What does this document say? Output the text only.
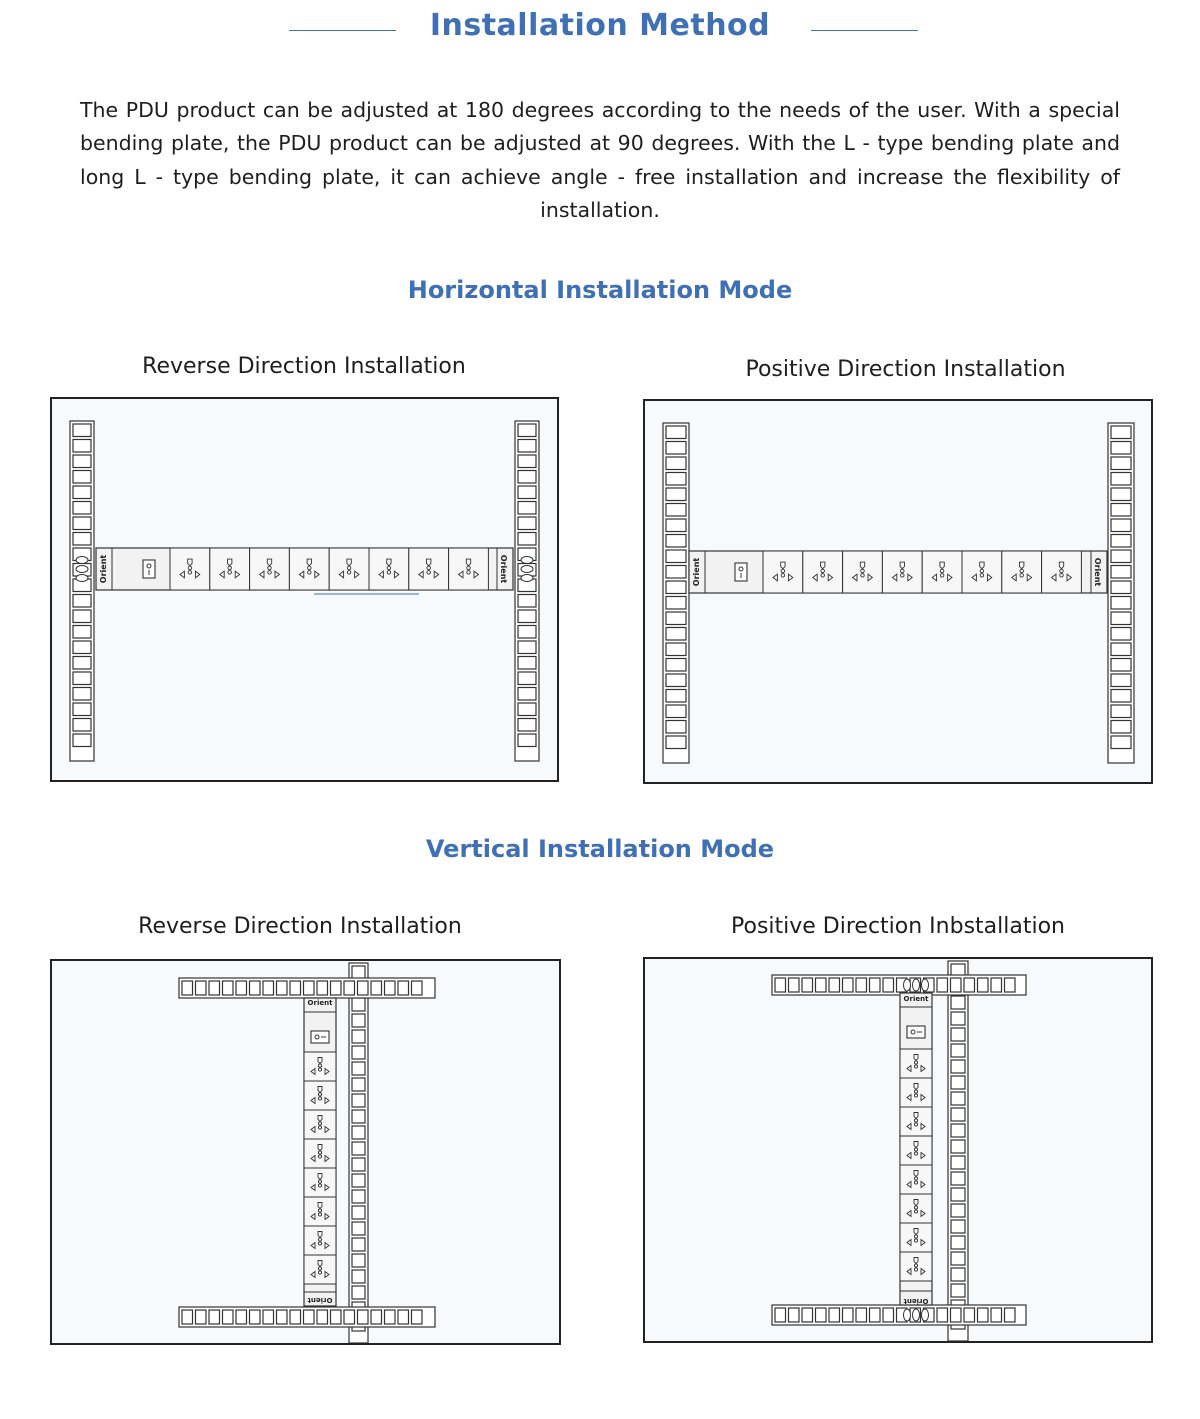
Installation Method
The PDU product can be adjusted at 180 degrees according to the needs of the user. With a special bending plate, the PDU product can be adjusted at 90 degrees. With the L - type bending plate and long L - type bending plate, it can achieve angle - free installation and increase the flexibility of installation.
Horizontal Installation Mode
Reverse Direction Installation	Positive Direction Installation
Orient	Orient	Orient	Orient
Vertical Installation Mode
Reverse Direction Installation	Positive Direction Inbstallation
Orient
Orient
Orient
Orient
